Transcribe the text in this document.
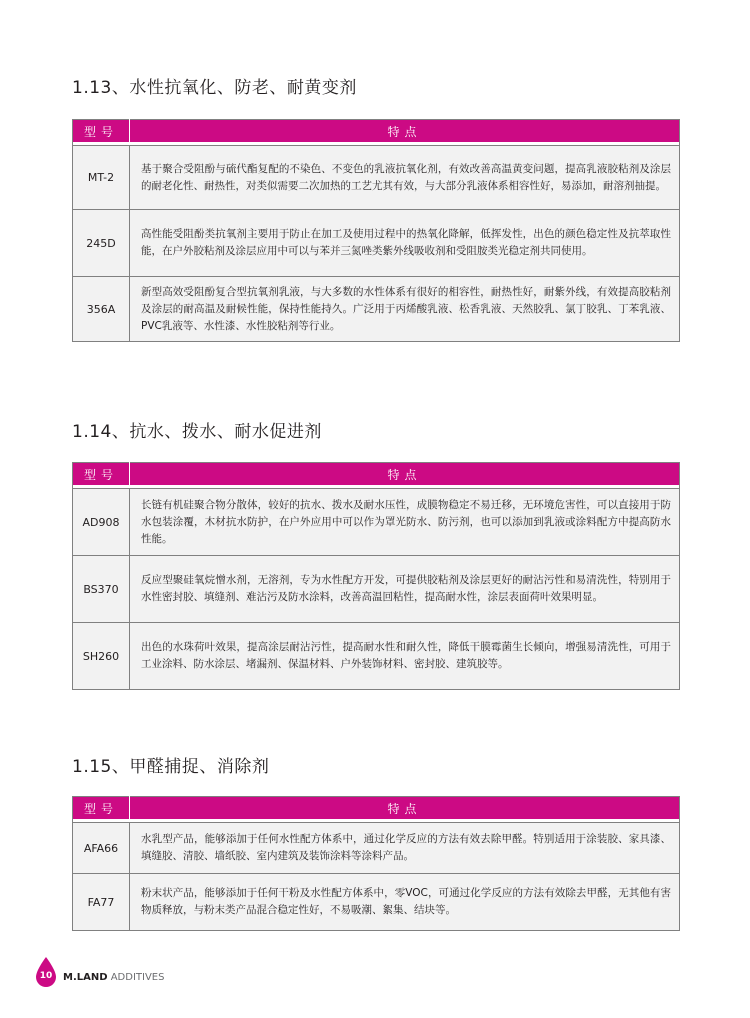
1.13、水性抗氧化、防老、耐黄变剂
型号	特点

MT-2	基于聚合受阻酚与硫代酯复配的不染色、不变色的乳液抗氧化剂，有效改善高温黄变问题，提高乳液胶粘剂及涂层的耐老化性、耐热性，对类似需要二次加热的工艺尤其有效，与大部分乳液体系相容性好，易添加，耐溶剂抽提。
245D	高性能受阻酚类抗氧剂主要用于防止在加工及使用过程中的热氧化降解，低挥发性，出色的颜色稳定性及抗萃取性能，在户外胶粘剂及涂层应用中可以与苯并三氮唑类紫外线吸收剂和受阻胺类光稳定剂共同使用。
356A	新型高效受阻酚复合型抗氧剂乳液，与大多数的水性体系有很好的相容性，耐热性好，耐紫外线，有效提高胶粘剂及涂层的耐高温及耐候性能，保持性能持久。广泛用于丙烯酸乳液、松香乳液、天然胶乳、氯丁胶乳、丁苯乳液、PVC乳液等、水性漆、水性胶粘剂等行业。
1.14、抗水、拨水、耐水促进剂
型号	特点

AD908	长链有机硅聚合物分散体，较好的抗水、拨水及耐水压性，成膜物稳定不易迁移，无环境危害性，可以直接用于防水包装涂覆，木材抗水防护，在户外应用中可以作为罩光防水、防污剂，也可以添加到乳液或涂料配方中提高防水性能。
BS370	反应型聚硅氧烷憎水剂，无溶剂，专为水性配方开发，可提供胶粘剂及涂层更好的耐沾污性和易清洗性，特别用于水性密封胶、填缝剂、难沾污及防水涂料，改善高温回粘性，提高耐水性，涂层表面荷叶效果明显。
SH260	出色的水珠荷叶效果，提高涂层耐沾污性，提高耐水性和耐久性，降低干膜霉菌生长倾向，增强易清洗性，可用于工业涂料、防水涂层、堵漏剂、保温材料、户外装饰材料、密封胶、建筑胶等。
1.15、甲醛捕捉、消除剂
型号	特点

AFA66	水乳型产品，能够添加于任何水性配方体系中，通过化学反应的方法有效去除甲醛。特别适用于涂装胶、家具漆、填缝胶、清胶、墙纸胶、室内建筑及装饰涂料等涂料产品。
FA77	粉末状产品，能够添加于任何干粉及水性配方体系中，零VOC，可通过化学反应的方法有效除去甲醛，无其他有害物质释放，与粉末类产品混合稳定性好，不易吸潮、絮集、结块等。
10	M.LAND ADDITIVES
